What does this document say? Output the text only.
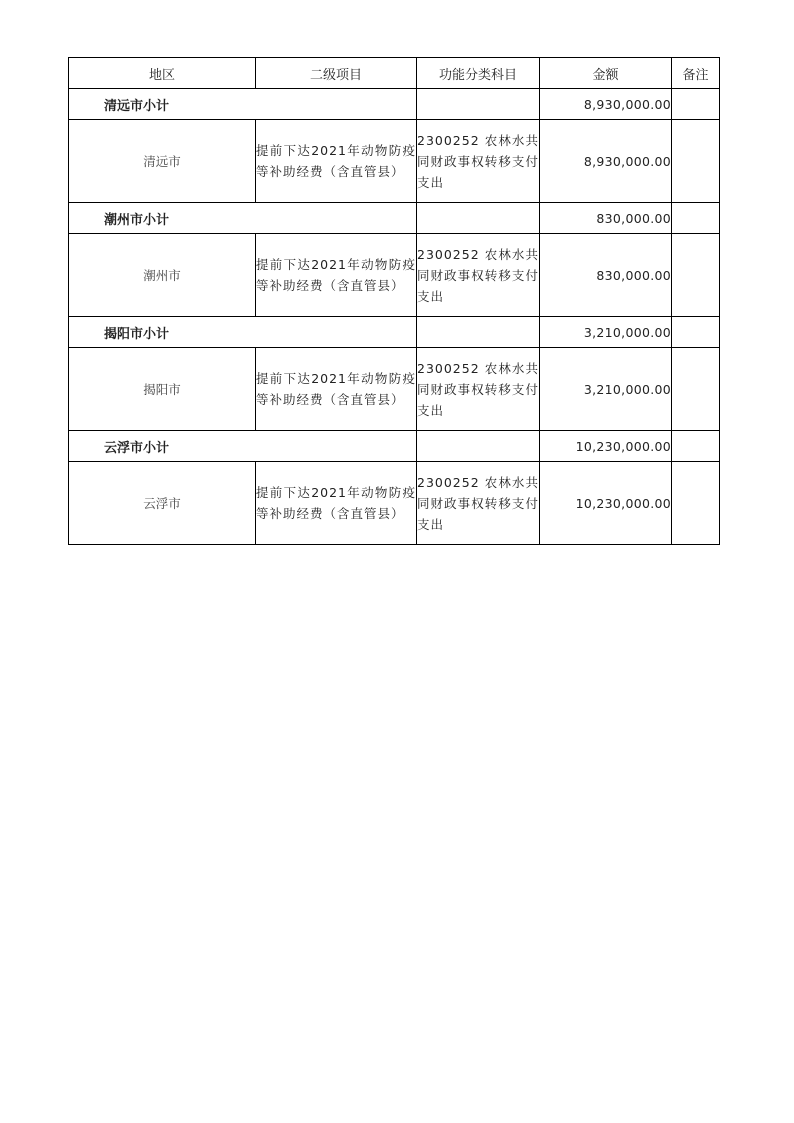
地区	二级项目	功能分类科目	金额	备注
清远市小计			8,930,000.00	
清远市	提前下达2021年动物防疫等补助经费（含直管县）	2300252 农林水共同财政事权转移支付支出	8,930,000.00	
潮州市小计			830,000.00	
潮州市	提前下达2021年动物防疫等补助经费（含直管县）	2300252 农林水共同财政事权转移支付支出	830,000.00	
揭阳市小计			3,210,000.00	
揭阳市	提前下达2021年动物防疫等补助经费（含直管县）	2300252 农林水共同财政事权转移支付支出	3,210,000.00	
云浮市小计			10,230,000.00	
云浮市	提前下达2021年动物防疫等补助经费（含直管县）	2300252 农林水共同财政事权转移支付支出	10,230,000.00	
